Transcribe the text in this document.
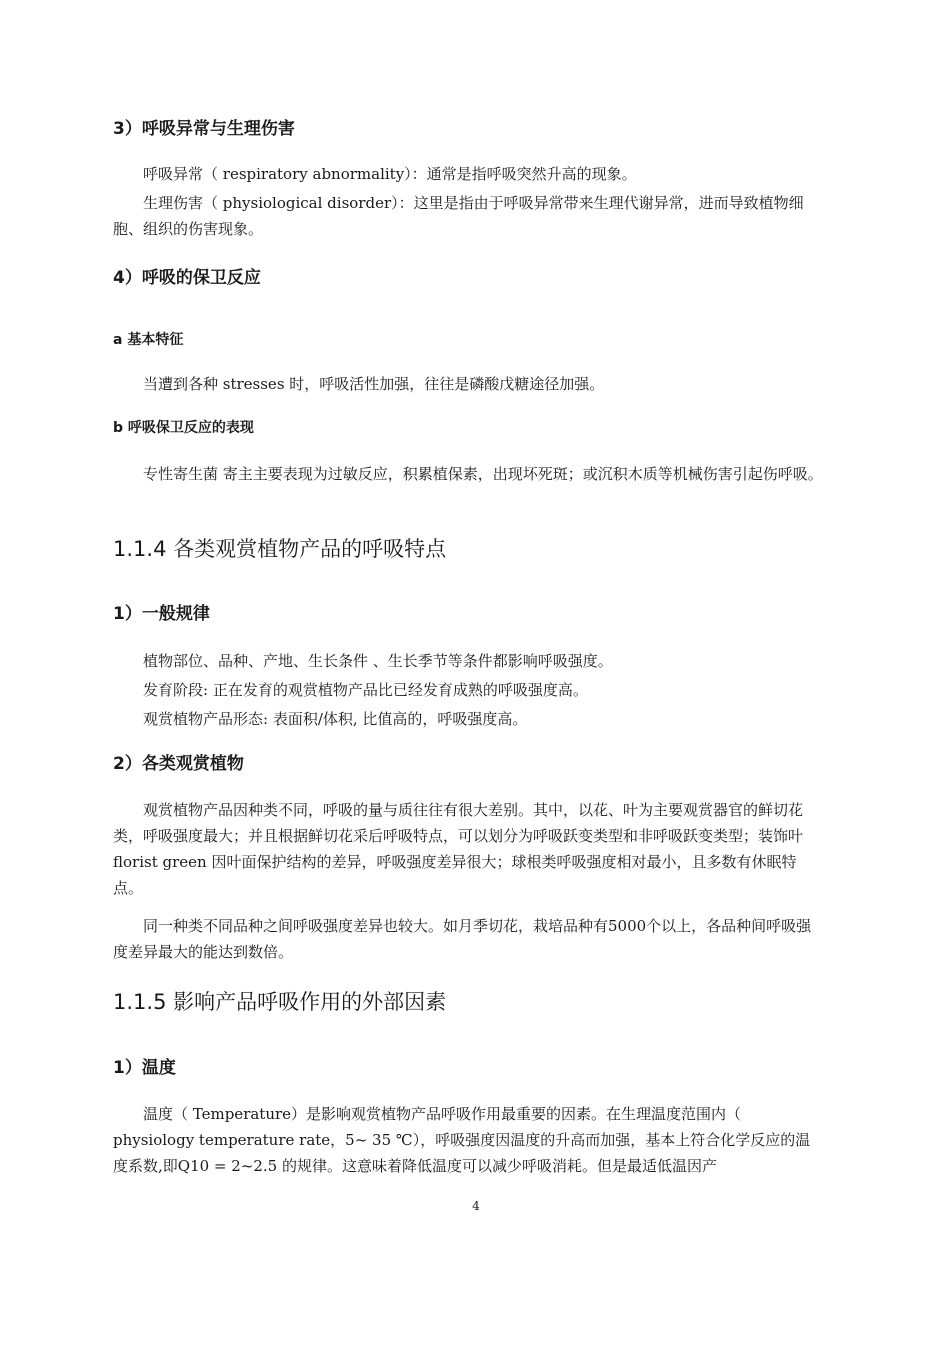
3）呼吸异常与生理伤害

呼吸异常（ respiratory abnormality）：通常是指呼吸突然升高的现象。

生理伤害（ physiological disorder）：这里是指由于呼吸异常带来生理代谢异常，进而导致植物细胞、组织的伤害现象。

4）呼吸的保卫反应
a 基本特征

当遭到各种 stresses 时，呼吸活性加强，往往是磷酸戊糖途径加强。

b 呼吸保卫反应的表现

专性寄生菌 寄主主要表现为过敏反应，积累植保素，出现坏死斑；或沉积木质等机械伤害引起伤呼吸。

1.1.4 各类观赏植物产品的呼吸特点
1）一般规律
植物部位、品种、产地、生长条件 、生长季节等条件都影响呼吸强度。
发育阶段: 正在发育的观赏植物产品比已经发育成熟的呼吸强度高。
观赏植物产品形态: 表面积/体积, 比值高的，呼吸强度高。
2）各类观赏植物

观赏植物产品因种类不同，呼吸的量与质往往有很大差别。其中，以花、叶为主要观赏器官的鲜切花类，呼吸强度最大；并且根据鲜切花采后呼吸特点，可以划分为呼吸跃变类型和非呼吸跃变类型；装饰叶 florist green 因叶面保护结构的差异，呼吸强度差异很大；球根类呼吸强度相对最小，且多数有休眠特点。

同一种类不同品种之间呼吸强度差异也较大。如月季切花，栽培品种有5000个以上，各品种间呼吸强度差异最大的能达到数倍。

1.1.5 影响产品呼吸作用的外部因素
1）温度

温度（ Temperature）是影响观赏植物产品呼吸作用最重要的因素。在生理温度范围内（ physiology temperature rate，5~ 35 ℃），呼吸强度因温度的升高而加强，基本上符合化学反应的温度系数,即Q10 = 2~2.5 的规律。这意味着降低温度可以减少呼吸消耗。但是最适低温因产

4
